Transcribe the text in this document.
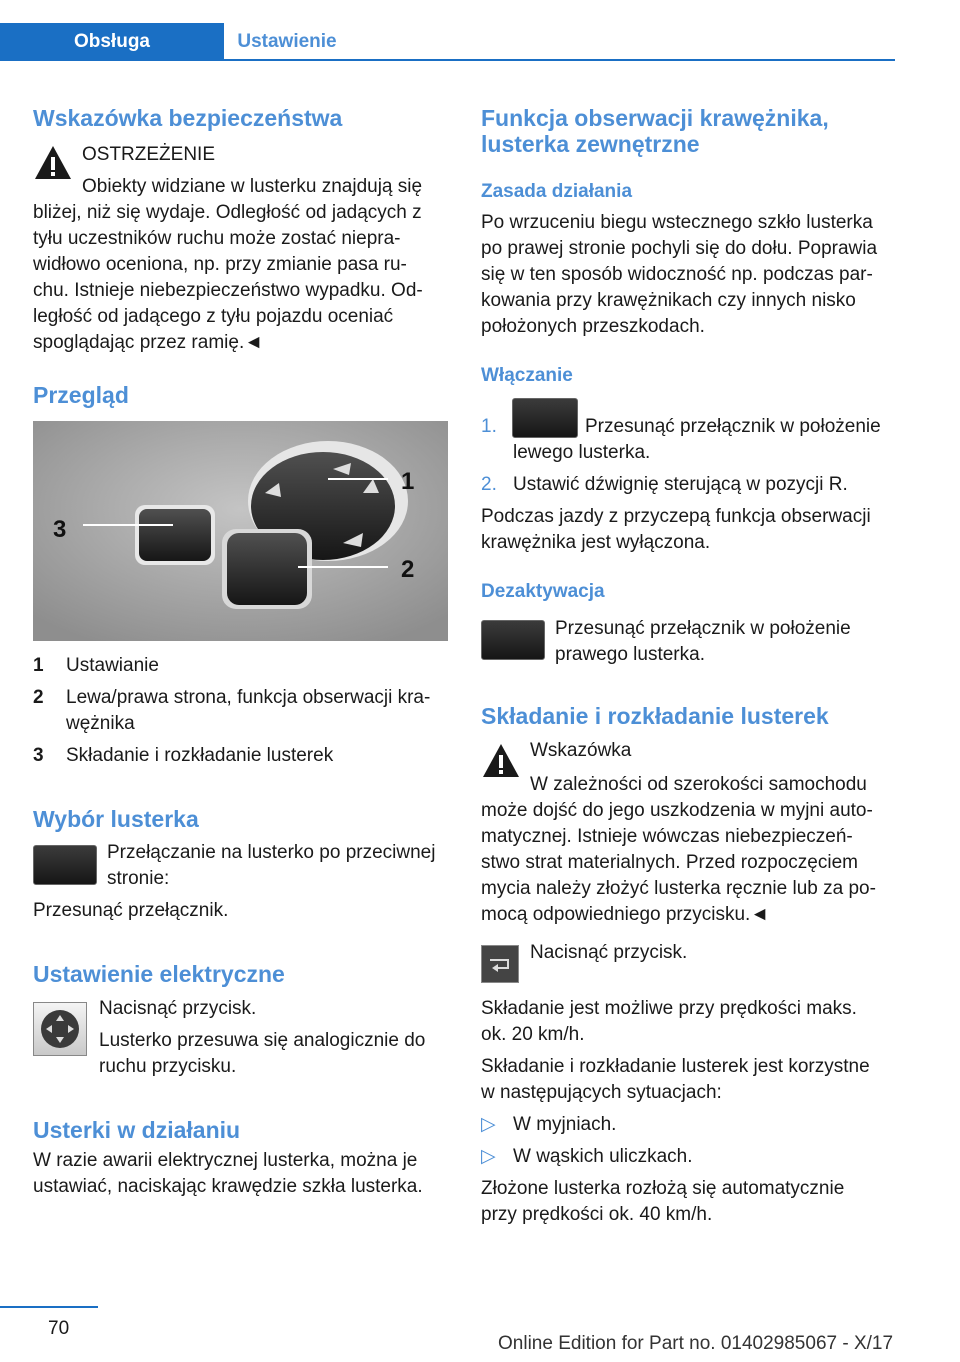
Obsługa	Ustawienie
Wskazówka bezpieczeństwa

OSTRZEŻENIE

Obiekty widziane w lusterku znajdują się

bliżej, niż się wydaje. Odległość od jadących z

tyłu uczestników ruchu może zostać niepra-

widłowo oceniona, np. przy zmianie pasa ru-

chu. Istnieje niebezpieczeństwo wypadku. Od-

ległość od jadącego z tyłu pojazdu oceniać

spoglądając przez ramię.◄

Przegląd
1
2
3
1 Ustawianie
2 Lewa/prawa strona, funkcja obserwacji kra-
wężnika
3 Składanie i rozkładanie lusterek
Wybór lusterka

Przełączanie na lusterko po przeciwnej

stronie:

Przesunąć przełącznik.

Ustawienie elektryczne

Nacisnąć przycisk.

Lusterko przesuwa się analogicznie do

ruchu przycisku.

Usterki w działaniu

W razie awarii elektrycznej lusterka, można je

ustawiać, naciskając krawędzie szkła lusterka.

Funkcja obserwacji krawężnika,
lusterka zewnętrzne
Zasada działania

Po wrzuceniu biegu wstecznego szkło lusterka

po prawej stronie pochyli się do dołu. Poprawia

się w ten sposób widoczność np. podczas par-

kowania przy krawężnikach czy innych nisko

położonych przeszkodach.

Włączanie
1.	Przesunąć przełącznik w położenie
lewego lusterka.
2. Ustawić dźwignię sterującą w pozycji R.

Podczas jazdy z przyczepą funkcja obserwacji

krawężnika jest wyłączona.

Dezaktywacja

Przesunąć przełącznik w położenie

prawego lusterka.

Składanie i rozkładanie lusterek

Wskazówka

W zależności od szerokości samochodu

może dojść do jego uszkodzenia w myjni auto-

matycznej. Istnieje wówczas niebezpieczeń-

stwo strat materialnych. Przed rozpoczęciem

mycia należy złożyć lusterka ręcznie lub za po-

mocą odpowiedniego przycisku.◄

Nacisnąć przycisk.

Składanie jest możliwe przy prędkości maks.

ok. 20 km/h.

Składanie i rozkładanie lusterek jest korzystne

w następujących sytuacjach:

▷ W myjniach.
▷ W wąskich uliczkach.

Złożone lusterka rozłożą się automatycznie

przy prędkości ok. 40 km/h.

70
Online Edition for Part no. 01402985067 - X/17
